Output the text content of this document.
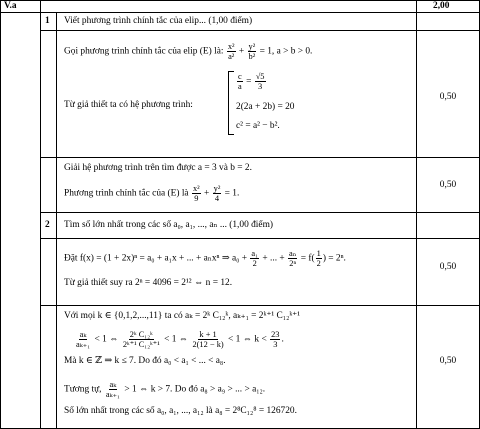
V.a	2,00
1 Viết phương trình chính tắc của elip... (1,00 điểm)
Gọi phương trình chính tắc của elip (E) là: $\frac{\text{x²}}{\text{a²}} + \frac{\text{y²}}{\text{b²}} = 1$, a > b > 0.
Từ giả thiết ta có hệ phương trình:
$\frac{c}{a} = \frac{√5}{3}$
2(2a + 2b) = 20
c² = a² − b².
0,50
Giải hệ phương trình trên tìm được a = 3 và b = 2.
Phương trình chính tắc của (E) là $\frac{\text{x²}}{9} + \frac{\text{y²}}{4} = 1$.
0,50
2 Tìm số lớn nhất trong các số a₀, a₁, ..., aₙ ... (1,00 điểm)
Đặt f(x) = (1 + 2x)ⁿ = a₀ + a₁x + ... + aₙxⁿ ⇒ $a_0 + \frac{\text{a₁}}{2}$ + ... + $\frac{\text{aₙ}}{\text{2ⁿ}} = f( \frac{1}{2}$ ) = 2ⁿ.
Từ giả thiết suy ra 2ⁿ = 4096 = 2¹² ⇔ n = 12.
0,50
Với mọi k ∈ {0,1,2,...,11} ta có aₖ = 2ᵏ C₁₂ᵏ, aₖ₊₁ = 2ᵏ⁺¹ C₁₂ᵏ⁺¹
$\frac{\text{aₖ}}{\text{aₖ₊₁}} < 1$ ⇔ $\frac{\text{2ᵏ C₁₂ᵏ}}{\text{2ᵏ⁺¹ C₁₂ᵏ⁺¹}} < 1$ ⇔ $\frac{k + 1}{2(12 - k)} < 1$ ⇔ $k < \frac{23}{3}$ .
Mà k ∈ ℤ ⇒ k ≤ 7. Do đó a₀ < a₁ < ... < a₈.
Tương tự, $\frac{\text{aₖ}}{\text{aₖ₊₁}} > 1$ ⇔ k > 7. Do đó a₈ > a₉ > ... > a₁₂.
Số lớn nhất trong các số a₀, a₁, ..., a₁₂ là a₈ = 2⁸C₁₂⁸ = 126720.
0,50
